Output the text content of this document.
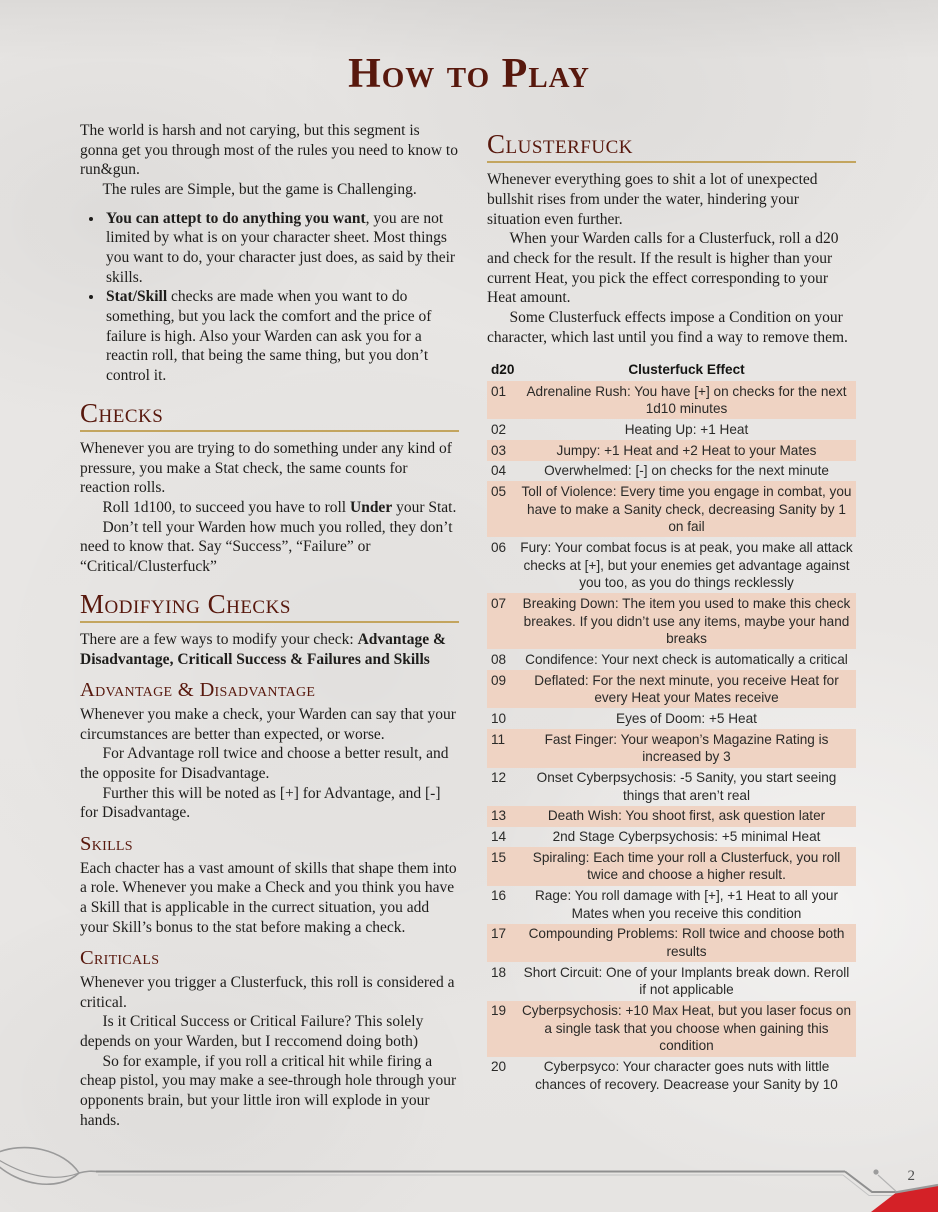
How to Play

The world is harsh and not carying, but this segment is gonna get you through most of the rules you need to know to run&gun.

The rules are Simple, but the game is Challenging.

• You can attept to do anything you want, you are not limited by what is on your character sheet. Most things you want to do, your character just does, as said by their skills.
• Stat/Skill checks are made when you want to do something, but you lack the comfort and the price of failure is high. Also your Warden can ask you for a reactin roll, that being the same thing, but you don’t control it.
Checks

Whenever you are trying to do something under any kind of pressure, you make a Stat check, the same counts for reaction rolls.

Roll 1d100, to succeed you have to roll Under your Stat.

Don’t tell your Warden how much you rolled, they don’t need to know that. Say “Success”, “Failure” or “Critical/Clusterfuck”

Modifying Checks

There are a few ways to modify your check: Advantage & Disadvantage, Criticall Success & Failures and Skills

Advantage & Disadvantage

Whenever you make a check, your Warden can say that your circumstances are better than expected, or worse.

For Advantage roll twice and choose a better result, and the opposite for Disadvantage.

Further this will be noted as [+] for Advantage, and [-] for Disadvantage.

Skills

Each chacter has a vast amount of skills that shape them into a role. Whenever you make a Check and you think you have a Skill that is applicable in the currect situation, you add your Skill’s bonus to the stat before making a check.

Criticals

Whenever you trigger a Clusterfuck, this roll is considered a critical.

Is it Critical Success or Critical Failure? This solely depends on your Warden, but I reccomend doing both)

So for example, if you roll a critical hit while firing a cheap pistol, you may make a see-through hole through your opponents brain, but your little iron will explode in your hands.

Clusterfuck

Whenever everything goes to shit a lot of unexpected bullshit rises from under the water, hindering your situation even further.

When your Warden calls for a Clusterfuck, roll a d20 and check for the result. If the result is higher than your current Heat, you pick the effect corresponding to your Heat amount.

Some Clusterfuck effects impose a Condition on your character, which last until you find a way to remove them.

d20	Clusterfuck Effect
01	Adrenaline Rush: You have [+] on checks for the next 1d10 minutes
02	Heating Up: +1 Heat
03	Jumpy: +1 Heat and +2 Heat to your Mates
04	Overwhelmed: [-] on checks for the next minute
05	Toll of Violence: Every time you engage in combat, you have to make a Sanity check, decreasing Sanity by 1 on fail
06	Fury: Your combat focus is at peak, you make all attack checks at [+], but your enemies get advantage against you too, as you do things recklessly
07	Breaking Down: The item you used to make this check breakes. If you didn’t use any items, maybe your hand breaks
08	Condifence: Your next check is automatically a critical
09	Deflated: For the next minute, you receive Heat for every Heat your Mates receive
10	Eyes of Doom: +5 Heat
11	Fast Finger: Your weapon’s Magazine Rating is increased by 3
12	Onset Cyberpsychosis: -5 Sanity, you start seeing things that aren’t real
13	Death Wish: You shoot first, ask question later
14	2nd Stage Cyberpsychosis: +5 minimal Heat
15	Spiraling: Each time your roll a Clusterfuck, you roll twice and choose a higher result.
16	Rage: You roll damage with [+], +1 Heat to all your Mates when you receive this condition
17	Compounding Problems: Roll twice and choose both results
18	Short Circuit: One of your Implants break down. Reroll if not applicable
19	Cyberpsychosis: +10 Max Heat, but you laser focus on a single task that you choose when gaining this condition
20	Cyberpsyco: Your character goes nuts with little chances of recovery. Deacrease your Sanity by 10
2
